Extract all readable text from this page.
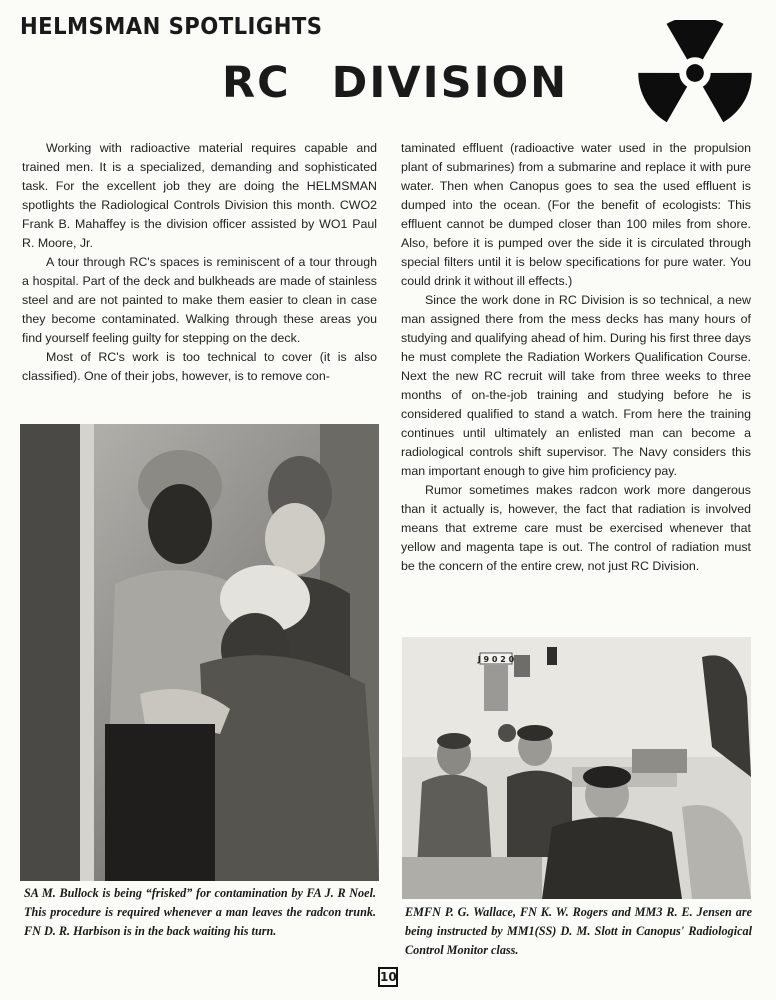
HELMSMAN SPOTLIGHTS
RC DIVISION

Working with radioactive material requires capable and trained men. It is a specialized, demanding and sophisticated task. For the excellent job they are doing the HELMSMAN spotlights the Radiological Controls Division this month. CWO2 Frank B. Mahaffey is the division officer assisted by WO1 Paul R. Moore, Jr.

A tour through RC's spaces is reminiscent of a tour through a hospital. Part of the deck and bulkheads are made of stainless steel and are not painted to make them easier to clean in case they become contaminated. Walking through these areas you find yourself feeling guilty for stepping on the deck.

Most of RC's work is too technical to cover (it is also classified). One of their jobs, however, is to remove con-

taminated effluent (radioactive water used in the propulsion plant of submarines) from a submarine and replace it with pure water. Then when Canopus goes to sea the used effluent is dumped into the ocean. (For the benefit of ecologists: This effluent cannot be dumped closer than 100 miles from shore. Also, before it is pumped over the side it is circulated through special filters until it is below specifications for pure water. You could drink it without ill effects.)

Since the work done in RC Division is so technical, a new man assigned there from the mess decks has many hours of studying and qualifying ahead of him. During his first three days he must complete the Radiation Workers Qualification Course. Next the new RC recruit will take from three weeks to three months of on-the-job training and studying before he is considered qualified to stand a watch. From here the training continues until ultimately an enlisted man can become a radiological controls shift supervisor. The Navy considers this man important enough to give him proficiency pay.

Rumor sometimes makes radcon work more dangerous than it actually is, however, the fact that radiation is involved means that extreme care must be exercised whenever that yellow and magenta tape is out. The control of radiation must be the concern of the entire crew, not just RC Division.

SA M. Bullock is being “frisked” for contamination by FA J. R Noel. This procedure is required whenever a man leaves the radcon trunk. FN D. R. Harbison is in the back waiting his turn.
J 9 0 2 0
EMFN P. G. Wallace, FN K. W. Rogers and MM3 R. E. Jensen are being instructed by MM1(SS) D. M. Slott in Canopus' Radiological Control Monitor class.
10
